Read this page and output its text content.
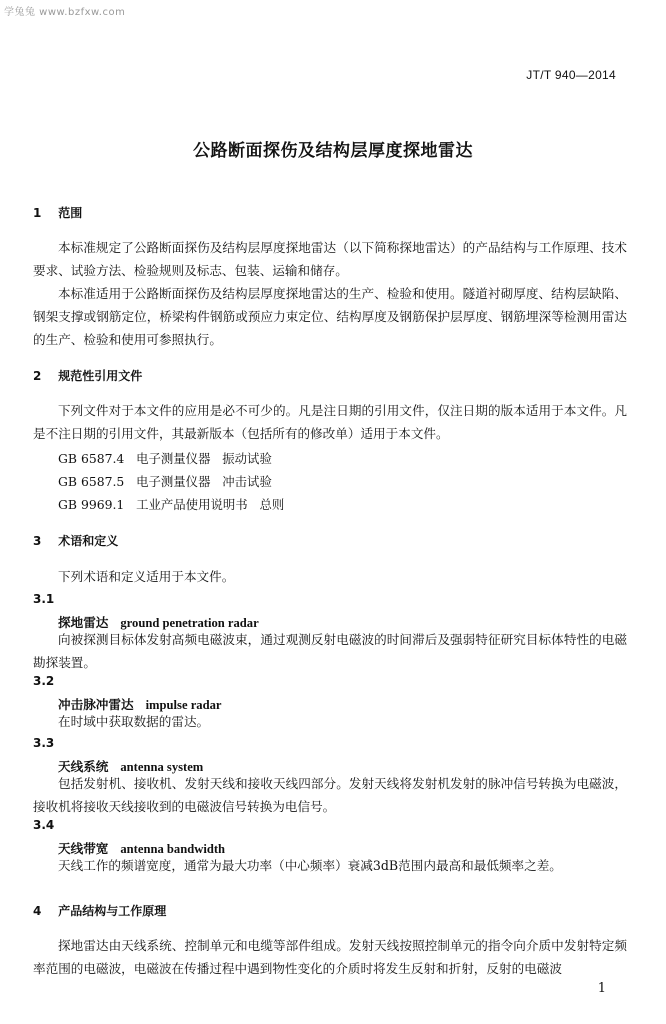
学兔兔 www.bzfxw.com
JT/T 940—2014
公路断面探伤及结构层厚度探地雷达
1 范围
本标准规定了公路断面探伤及结构层厚度探地雷达（以下简称探地雷达）的产品结构与工作原理、技术要求、试验方法、检验规则及标志、包装、运输和储存。
本标准适用于公路断面探伤及结构层厚度探地雷达的生产、检验和使用。隧道衬砌厚度、结构层缺陷、钢架支撑或钢筋定位，桥梁构件钢筋或预应力束定位、结构厚度及钢筋保护层厚度、钢筋埋深等检测用雷达的生产、检验和使用可参照执行。
2 规范性引用文件
下列文件对于本文件的应用是必不可少的。凡是注日期的引用文件，仅注日期的版本适用于本文件。凡是不注日期的引用文件，其最新版本（包括所有的修改单）适用于本文件。
GB 6587.4   电子测量仪器   振动试验
GB 6587.5   电子测量仪器   冲击试验
GB 9969.1   工业产品使用说明书   总则
3 术语和定义
下列术语和定义适用于本文件。
3.1
探地雷达 ground penetration radar
向被探测目标体发射高频电磁波束，通过观测反射电磁波的时间滞后及强弱特征研究目标体特性的电磁勘探装置。
3.2
冲击脉冲雷达 impulse radar
在时域中获取数据的雷达。
3.3
天线系统 antenna system
包括发射机、接收机、发射天线和接收天线四部分。发射天线将发射机发射的脉冲信号转换为电磁波，接收机将接收天线接收到的电磁波信号转换为电信号。
3.4
天线带宽 antenna bandwidth
天线工作的频谱宽度，通常为最大功率（中心频率）衰减3dB范围内最高和最低频率之差。
4 产品结构与工作原理
探地雷达由天线系统、控制单元和电缆等部件组成。发射天线按照控制单元的指令向介质中发射特定频率范围的电磁波，电磁波在传播过程中遇到物性变化的介质时将发生反射和折射，反射的电磁波
1
